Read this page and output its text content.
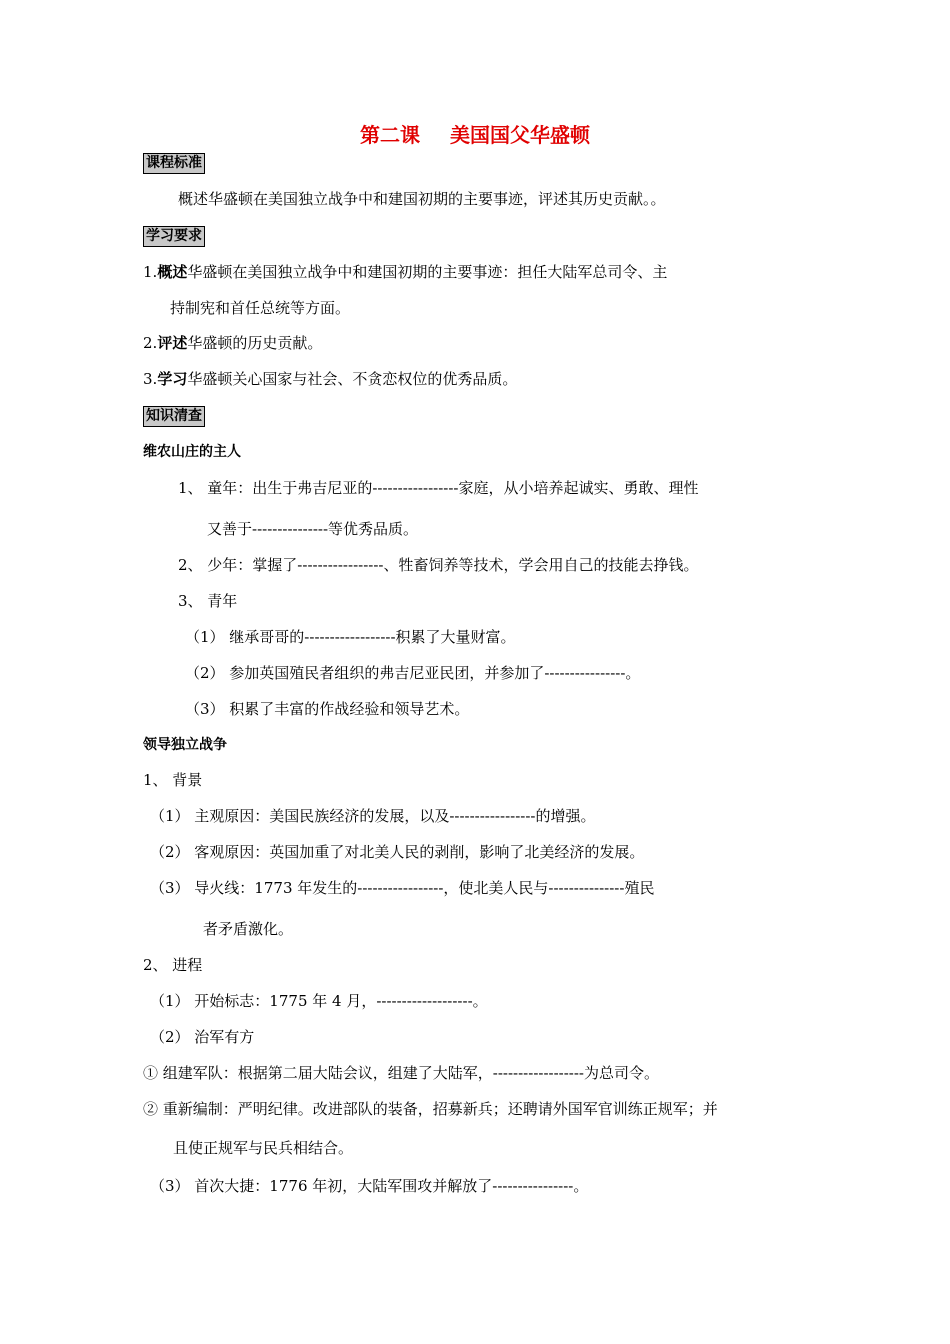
第二课 美国国父华盛顿
课程标准
概述华盛顿在美国独立战争中和建国初期的主要事迹，评述其历史贡献。。
学习要求
1.概述华盛顿在美国独立战争中和建国初期的主要事迹：担任大陆军总司令、主
持制宪和首任总统等方面。
2.评述华盛顿的历史贡献。
3.学习华盛顿关心国家与社会、不贪恋权位的优秀品质。
知识清查
维农山庄的主人
1、 童年：出生于弗吉尼亚的-----------------家庭，从小培养起诚实、勇敢、理性
又善于---------------等优秀品质。
2、 少年：掌握了-----------------、牲畜饲养等技术，学会用自己的技能去挣钱。
3、 青年
（1） 继承哥哥的------------------积累了大量财富。
（2） 参加英国殖民者组织的弗吉尼亚民团，并参加了----------------。
（3） 积累了丰富的作战经验和领导艺术。
领导独立战争
1、 背景
（1） 主观原因：美国民族经济的发展，以及-----------------的增强。
（2） 客观原因：英国加重了对北美人民的剥削，影响了北美经济的发展。
（3） 导火线：1773 年发生的-----------------，使北美人民与---------------殖民
者矛盾激化。
2、 进程
（1） 开始标志：1775 年 4 月，-------------------。
（2） 治军有方
① 组建军队：根据第二届大陆会议，组建了大陆军，------------------为总司令。
② 重新编制：严明纪律。改进部队的装备，招募新兵；还聘请外国军官训练正规军；并
且使正规军与民兵相结合。
（3） 首次大捷：1776 年初，大陆军围攻并解放了----------------。
